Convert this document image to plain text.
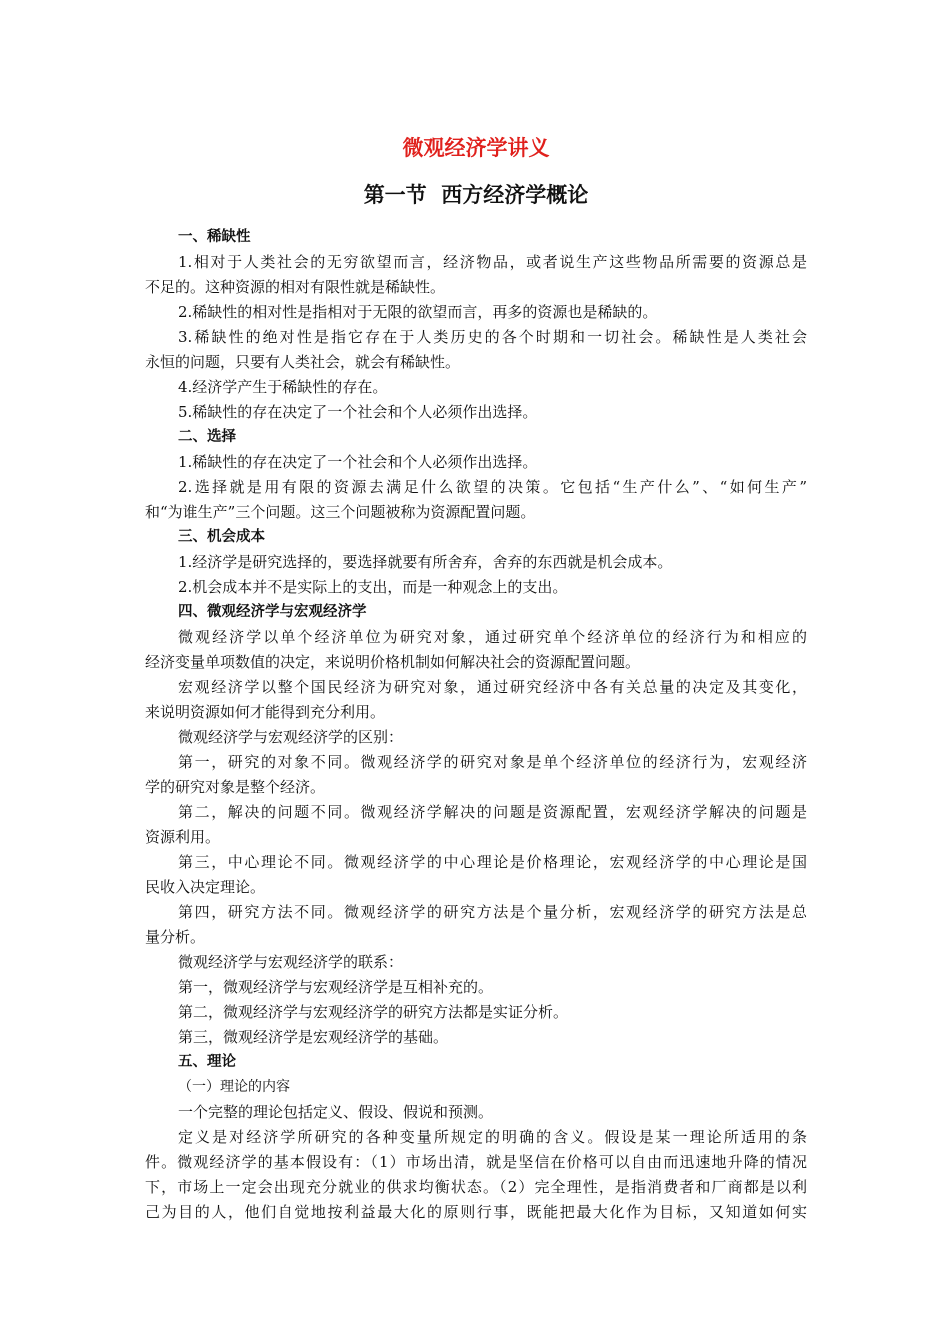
微观经济学讲义
第一节  西方经济学概论

一、稀缺性

1.相对于人类社会的无穷欲望而言，经济物品，或者说生产这些物品所需要的资源总是

不足的。这种资源的相对有限性就是稀缺性。

2.稀缺性的相对性是指相对于无限的欲望而言，再多的资源也是稀缺的。

3.稀缺性的绝对性是指它存在于人类历史的各个时期和一切社会。稀缺性是人类社会

永恒的问题，只要有人类社会，就会有稀缺性。

4.经济学产生于稀缺性的存在。

5.稀缺性的存在决定了一个社会和个人必须作出选择。

二、选择

1.稀缺性的存在决定了一个社会和个人必须作出选择。

2.选择就是用有限的资源去满足什么欲望的决策。它包括“生产什么”、“如何生产”

和“为谁生产”三个问题。这三个问题被称为资源配置问题。

三、机会成本

1.经济学是研究选择的，要选择就要有所舍弃，舍弃的东西就是机会成本。

2.机会成本并不是实际上的支出，而是一种观念上的支出。

四、微观经济学与宏观经济学

微观经济学以单个经济单位为研究对象，通过研究单个经济单位的经济行为和相应的

经济变量单项数值的决定，来说明价格机制如何解决社会的资源配置问题。

宏观经济学以整个国民经济为研究对象，通过研究经济中各有关总量的决定及其变化，

来说明资源如何才能得到充分利用。

微观经济学与宏观经济学的区别：

第一，研究的对象不同。微观经济学的研究对象是单个经济单位的经济行为，宏观经济

学的研究对象是整个经济。

第二，解决的问题不同。微观经济学解决的问题是资源配置，宏观经济学解决的问题是

资源利用。

第三，中心理论不同。微观经济学的中心理论是价格理论，宏观经济学的中心理论是国

民收入决定理论。

第四，研究方法不同。微观经济学的研究方法是个量分析，宏观经济学的研究方法是总

量分析。

微观经济学与宏观经济学的联系：

第一，微观经济学与宏观经济学是互相补充的。

第二，微观经济学与宏观经济学的研究方法都是实证分析。

第三，微观经济学是宏观经济学的基础。

五、理论

（一）理论的内容

一个完整的理论包括定义、假设、假说和预测。

定义是对经济学所研究的各种变量所规定的明确的含义。假设是某一理论所适用的条

件。微观经济学的基本假设有：（1）市场出清，就是坚信在价格可以自由而迅速地升降的情况

下，市场上一定会出现充分就业的供求均衡状态。（2）完全理性，是指消费者和厂商都是以利

己为目的人，他们自觉地按利益最大化的原则行事，既能把最大化作为目标，又知道如何实
